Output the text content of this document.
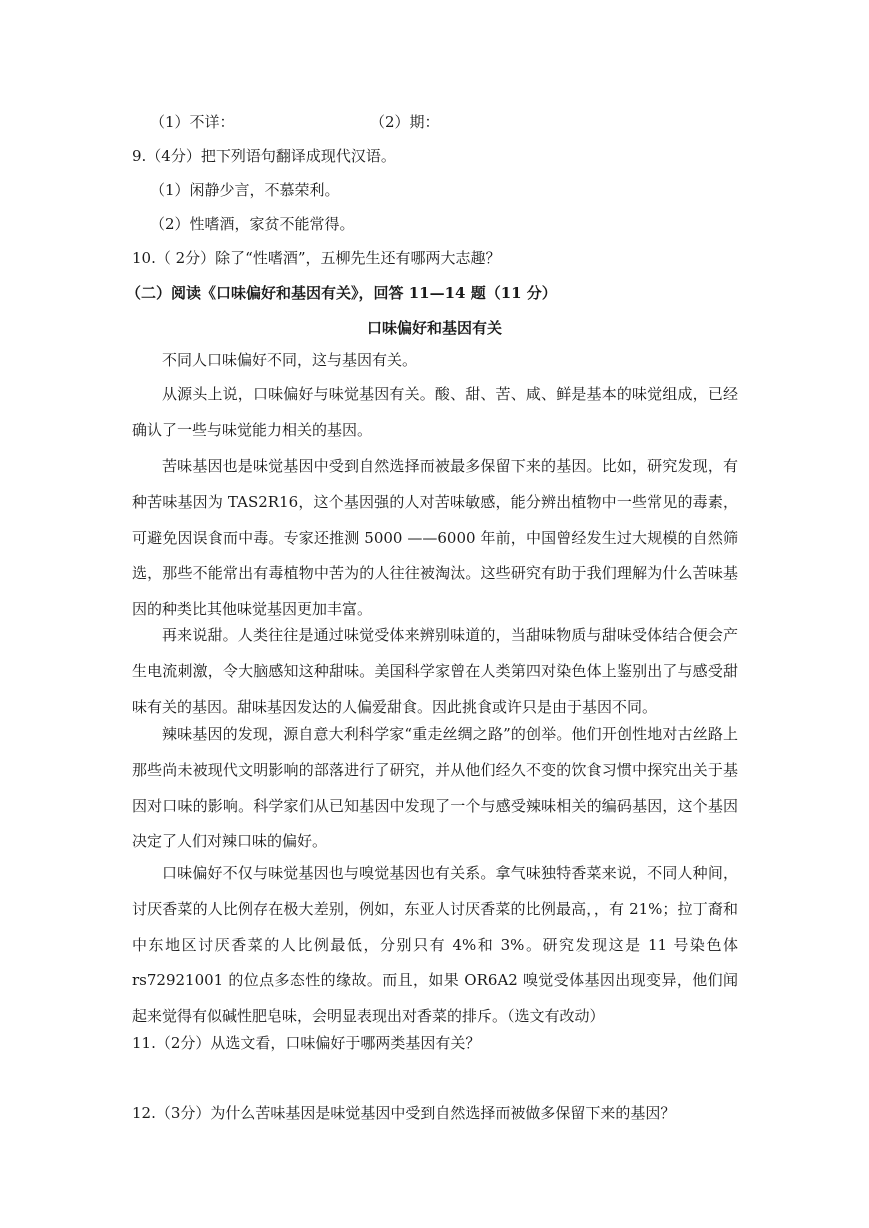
（1）不详：	（2）期：
9.（4分）把下列语句翻译成现代汉语。
（1）闲静少言，不慕荣利。
（2）性嗜酒，家贫不能常得。
10.（ 2分）除了“性嗜酒”，五柳先生还有哪两大志趣？
（二）阅读《口味偏好和基因有关》，回答 11—14 题（11 分）
口味偏好和基因有关

不同人口味偏好不同，这与基因有关。

从源头上说，口味偏好与味觉基因有关。酸、甜、苦、咸、鲜是基本的味觉组成，已经确认了一些与味觉能力相关的基因。

苦味基因也是味觉基因中受到自然选择而被最多保留下来的基因。比如，研究发现，有种苦味基因为 TAS2R16，这个基因强的人对苦味敏感，能分辨出植物中一些常见的毒素，可避免因误食而中毒。专家还推测 5000 ——6000 年前，中国曾经发生过大规模的自然筛选，那些不能常出有毒植物中苦为的人往往被淘汰。这些研究有助于我们理解为什么苦味基因的种类比其他味觉基因更加丰富。

再来说甜。人类往往是通过味觉受体来辨别味道的，当甜味物质与甜味受体结合便会产生电流刺激，令大脑感知这种甜味。美国科学家曾在人类第四对染色体上鉴别出了与感受甜味有关的基因。甜味基因发达的人偏爱甜食。因此挑食或许只是由于基因不同。

辣味基因的发现，源自意大利科学家“重走丝绸之路”的创举。他们开创性地对古丝路上那些尚未被现代文明影响的部落进行了研究，并从他们经久不变的饮食习惯中探究出关于基因对口味的影响。科学家们从已知基因中发现了一个与感受辣味相关的编码基因，这个基因决定了人们对辣口味的偏好。

口味偏好不仅与味觉基因也与嗅觉基因也有关系。拿气味独特香菜来说，不同人种间，讨厌香菜的人比例存在极大差别，例如，东亚人讨厌香菜的比例最高，，有 21%；拉丁裔和中东地区讨厌香菜的人比例最低，分别只有 4%和 3%。研究发现这是 11 号染色体 rs72921001 的位点多态性的缘故。而且，如果 OR6A2 嗅觉受体基因出现变异，他们闻起来觉得有似碱性肥皂味，会明显表现出对香菜的排斥。（选文有改动）

11.（2分）从选文看，口味偏好于哪两类基因有关？
12.（3分）为什么苦味基因是味觉基因中受到自然选择而被做多保留下来的基因？
